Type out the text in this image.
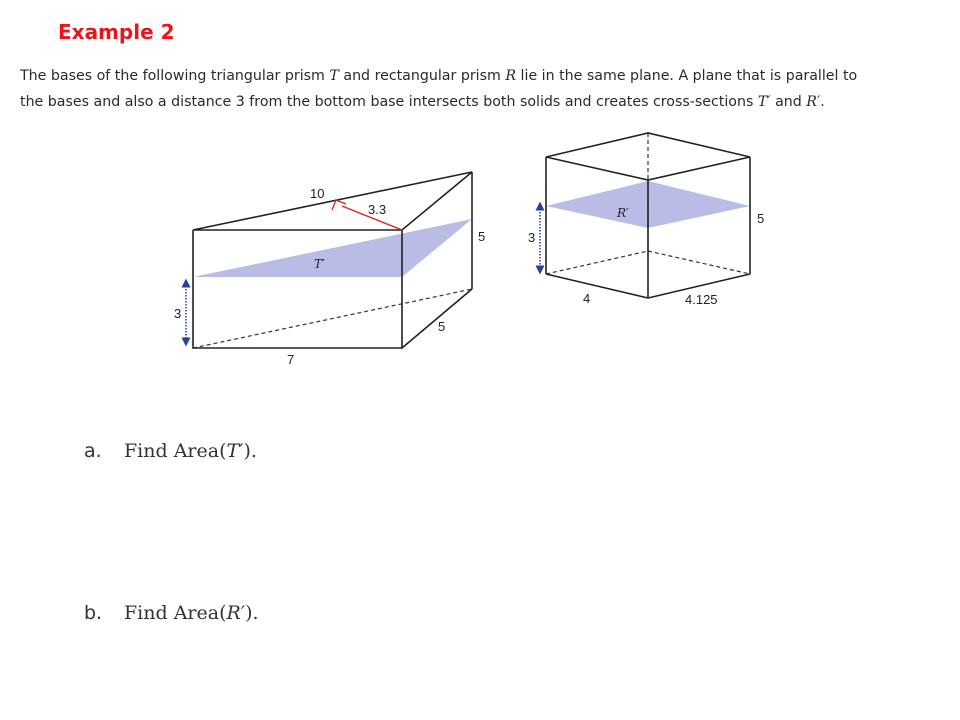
Example 2
The bases of the following triangular prism T and rectangular prism R lie in the same plane. A plane that is parallel to
the bases and also a distance 3 from the bottom base intersects both solids and creates cross-sections T′ and R′.
10
3.3
5
5
7
3
T′
R′	5
3
4	4.125
a. Find Area(T′).
b. Find Area(R′).
